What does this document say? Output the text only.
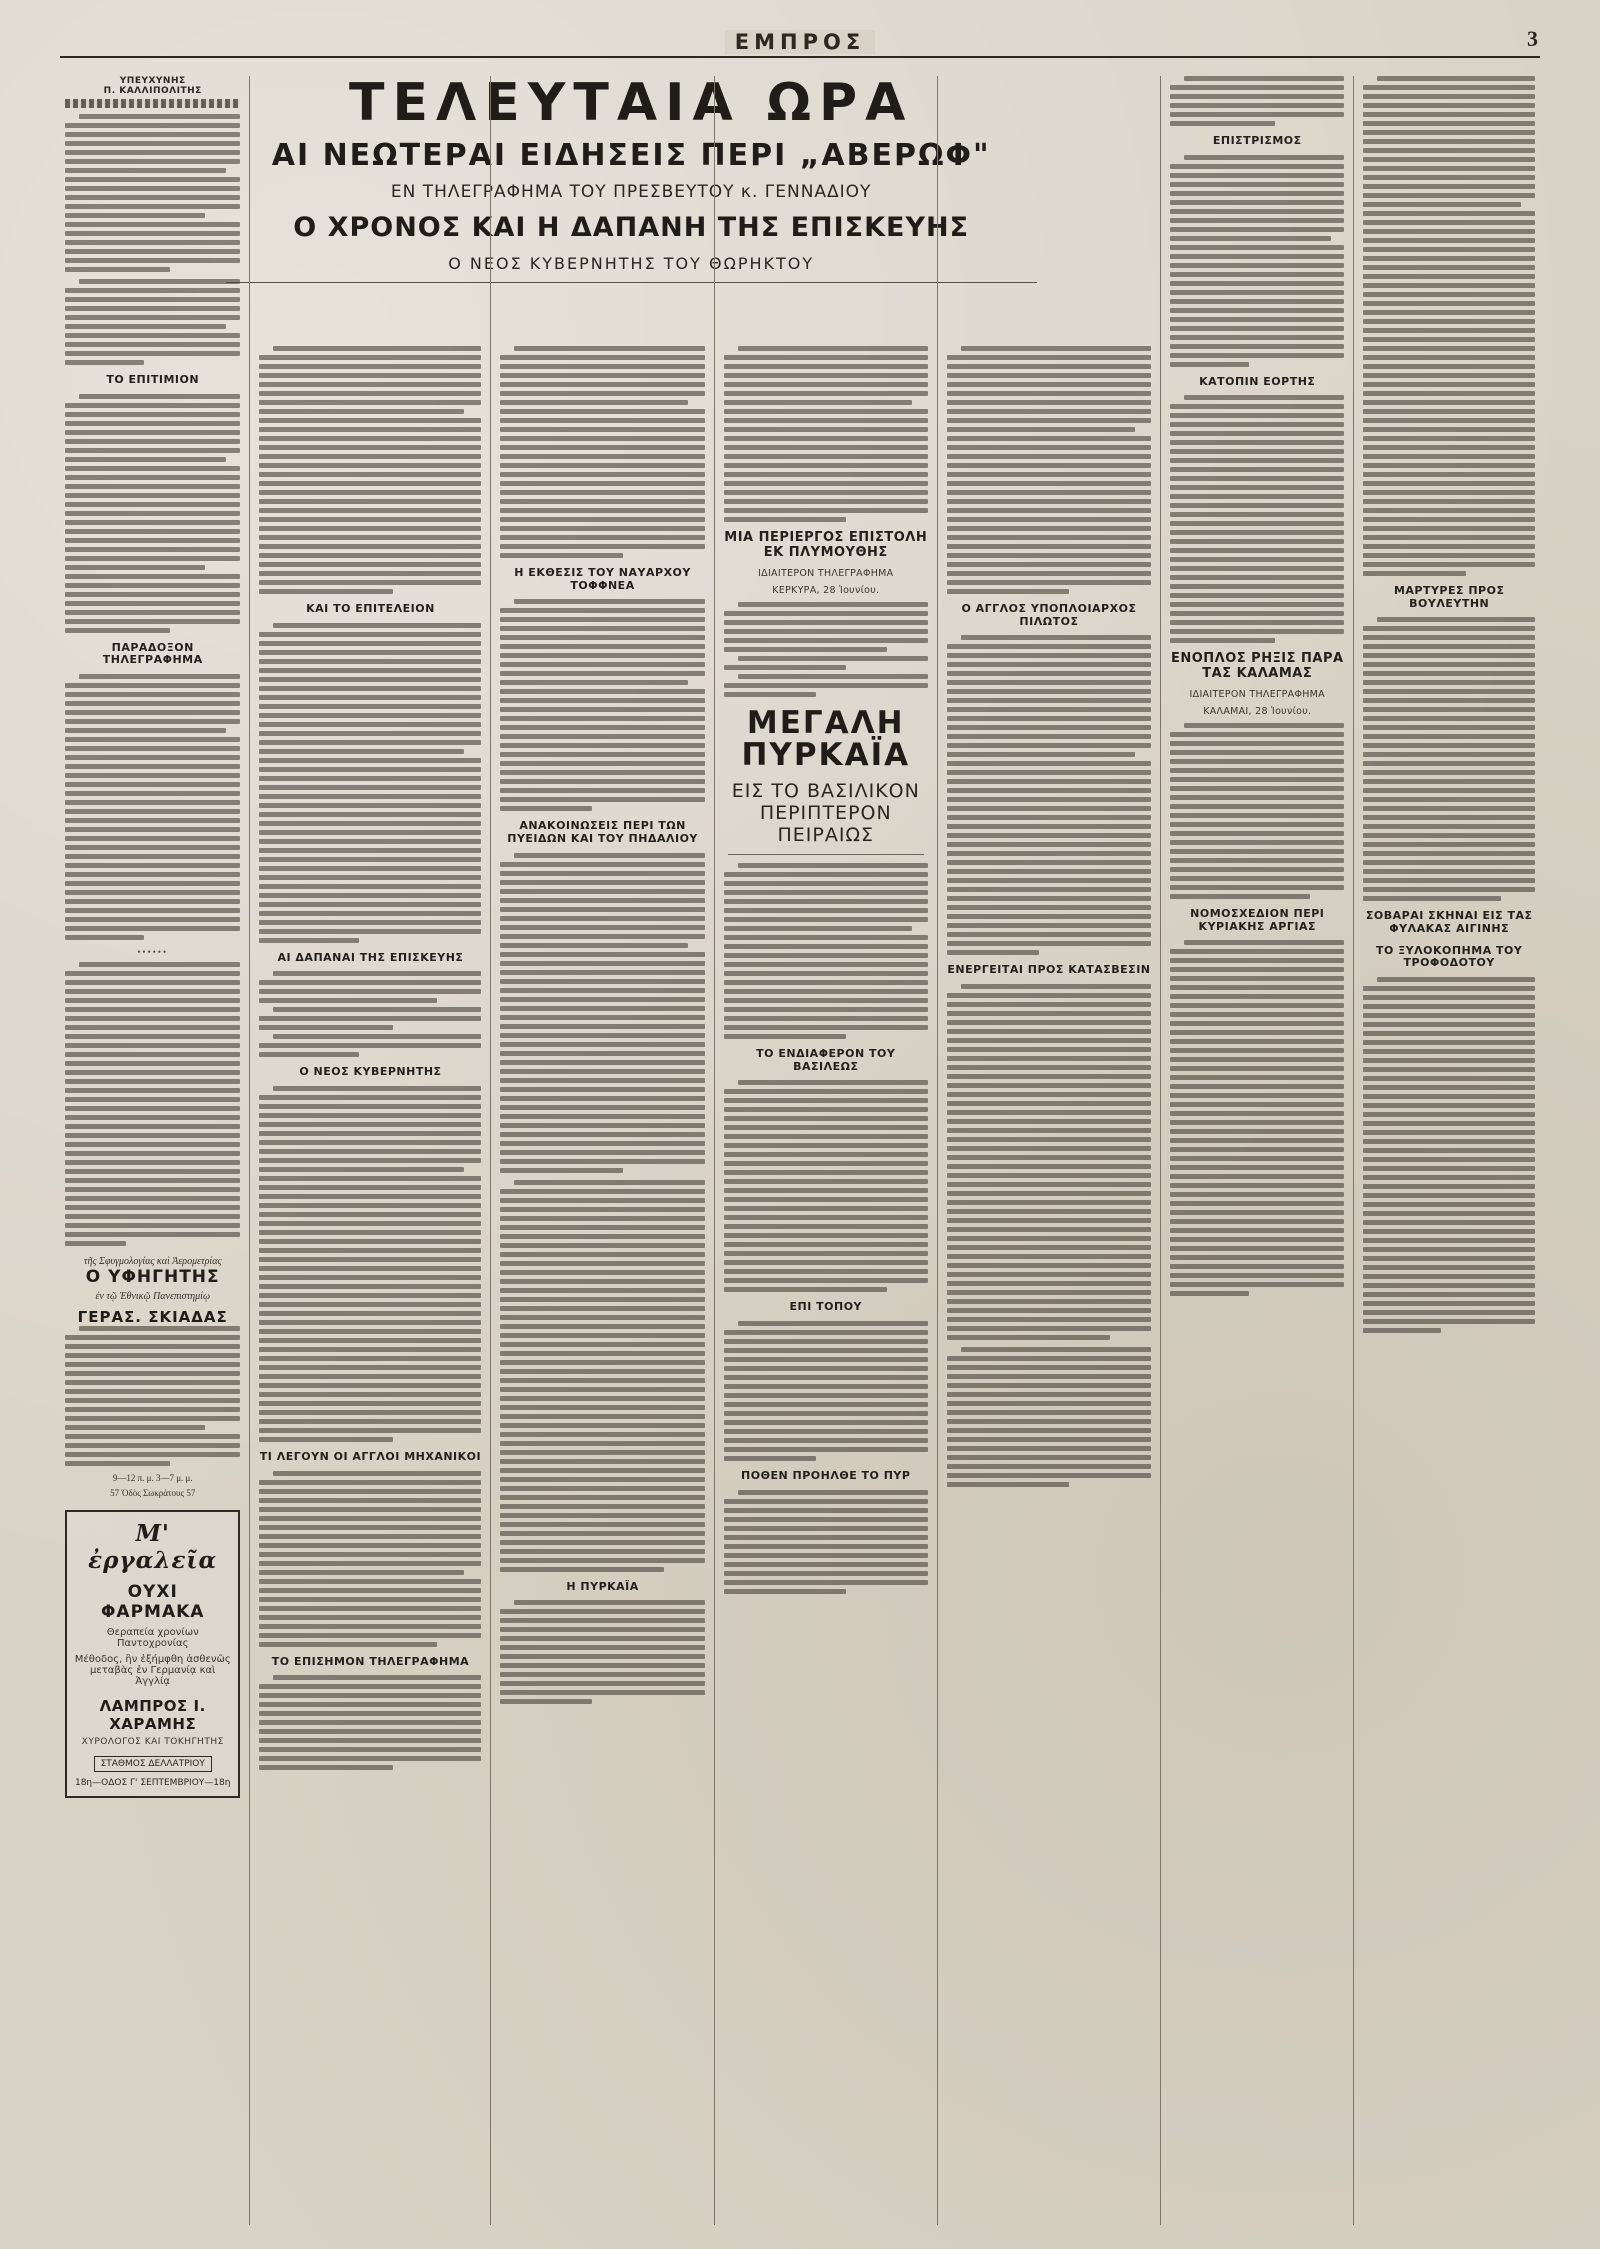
ΕΜΠΡΟΣ	3
ΤΕΛΕΥΤΑΙΑ ΩΡΑ
ΑΙ ΝΕΩΤΕΡΑΙ ΕΙΔΗΣΕΙΣ ΠΕΡΙ „ΑΒΕΡΩΦ"
ΕΝ ΤΗΛΕΓΡΑΦΗΜΑ ΤΟΥ ΠΡΕΣΒΕΥΤΟΥ κ. ΓΕΝΝΑΔΙΟΥ
Ο ΧΡΟΝΟΣ ΚΑΙ Η ΔΑΠΑΝΗ ΤΗΣ ΕΠΙΣΚΕΥΗΣ
Ο ΝΕΟΣ ΚΥΒΕΡΝΗΤΗΣ ΤΟΥ ΘΩΡΗΚΤΟΥ
ΥΠΕΥΧΥΝΗΣ
Π. ΚΑΛΛΙΠΟΛΙΤΗΣ
ΤΟ ΕΠΙΤΙΜΙΟΝ
ΠΑΡΑΔΟΞΟΝ ΤΗΛΕΓΡΑΦΗΜΑ
••••••
τῆς Σφυγμολογίας καὶ Ἀερομετρίας
Ο ΥΦΗΓΗΤΗΣ
ἐν τῷ Ἐθνικῷ Πανεπιστημίῳ
ΓΕΡΑΣ. ΣΚΙΑΔΑΣ
9—12 π. μ. 3—7 μ. μ.
57 Ὁδὸς Σωκράτους 57
Μ' ἐργαλεῖα
ΟΥΧΙ ΦΑΡΜΑΚΑ
Θεραπεία χρονίων Παντοχρονίας
Μέθοδος, ἣν ἐξήμφθη ἀσθενῶς μεταβὰς ἐν Γερμανίᾳ καὶ Ἀγγλίᾳ
ΛΑΜΠΡΟΣ Ι. ΧΑΡΑΜΗΣ
ΧΥΡΟΛΟΓΟΣ ΚΑΙ ΤΟΚΗΓΗΤΗΣ
ΣΤΑΘΜΟΣ ΔΕΛΛΑΤΡΙΟΥ
18η—ΟΔΟΣ Γ' ΣΕΠΤΕΜΒΡΙΟΥ—18η
ΚΑΙ ΤΟ ΕΠΙΤΕΛΕΙΟΝ
ΑΙ ΔΑΠΑΝΑΙ ΤΗΣ ΕΠΙΣΚΕΥΗΣ
Ο ΝΕΟΣ ΚΥΒΕΡΝΗΤΗΣ
ΤΙ ΛΕΓΟΥΝ ΟΙ ΑΓΓΛΟΙ ΜΗΧΑΝΙΚΟΙ
ΤΟ ΕΠΙΣΗΜΟΝ ΤΗΛΕΓΡΑΦΗΜΑ
Η ΕΚΘΕΣΙΣ ΤΟΥ ΝΑΥΑΡΧΟΥ ΤΟΦΦΝΕΑ
ΑΝΑΚΟΙΝΩΣΕΙΣ ΠΕΡΙ ΤΩΝ ΠΥΕΙΔΩΝ ΚΑΙ ΤΟΥ ΠΗΔΑΛΙΟΥ
Η ΠΥΡΚΑΪΑ
ΜΙΑ ΠΕΡΙΕΡΓΟΣ ΕΠΙΣΤΟΛΗ ΕΚ ΠΛΥΜΟΥΘΗΣ
ΙΔΙΑΙΤΕΡΟΝ ΤΗΛΕΓΡΑΦΗΜΑ
ΚΕΡΚΥΡΑ, 28 Ἰουνίου.
ΜΕΓΑΛΗ ΠΥΡΚΑΪΑ
ΕΙΣ ΤΟ ΒΑΣΙΛΙΚΟΝ ΠΕΡΙΠΤΕΡΟΝ ΠΕΙΡΑΙΩΣ
ΤΟ ΕΝΔΙΑΦΕΡΟΝ ΤΟΥ ΒΑΣΙΛΕΩΣ
ΕΠΙ ΤΟΠΟΥ
ΠΟΘΕΝ ΠΡΟΗΛΘΕ ΤΟ ΠΥΡ
Ο ΑΓΓΛΟΣ ΥΠΟΠΛΟΙΑΡΧΟΣ ΠΙΛΩΤΟΣ
ΕΝΕΡΓΕΙΤΑΙ ΠΡΟΣ ΚΑΤΑΣΒΕΣΙΝ
ΕΠΙΣΤΡΙΣΜΟΣ
ΚΑΤΟΠΙΝ ΕΟΡΤΗΣ
ΕΝΟΠΛΟΣ ΡΗΞΙΣ ΠΑΡΑ ΤΑΣ ΚΑΛΑΜΑΣ
ΙΔΙΑΙΤΕΡΟΝ ΤΗΛΕΓΡΑΦΗΜΑ
ΚΑΛΑΜΑΙ, 28 Ἰουνίου.
ΝΟΜΟΣΧΕΔΙΟΝ ΠΕΡΙ ΚΥΡΙΑΚΗΣ ΑΡΓΙΑΣ
ΜΑΡΤΥΡΕΣ ΠΡΟΣ ΒΟΥΛΕΥΤΗΝ
ΣΟΒΑΡΑΙ ΣΚΗΝΑΙ ΕΙΣ ΤΑΣ ΦΥΛΑΚΑΣ ΑΙΓΙΝΗΣ
ΤΟ ΞΥΛΟΚΟΠΗΜΑ ΤΟΥ ΤΡΟΦΟΔΟΤΟΥ
